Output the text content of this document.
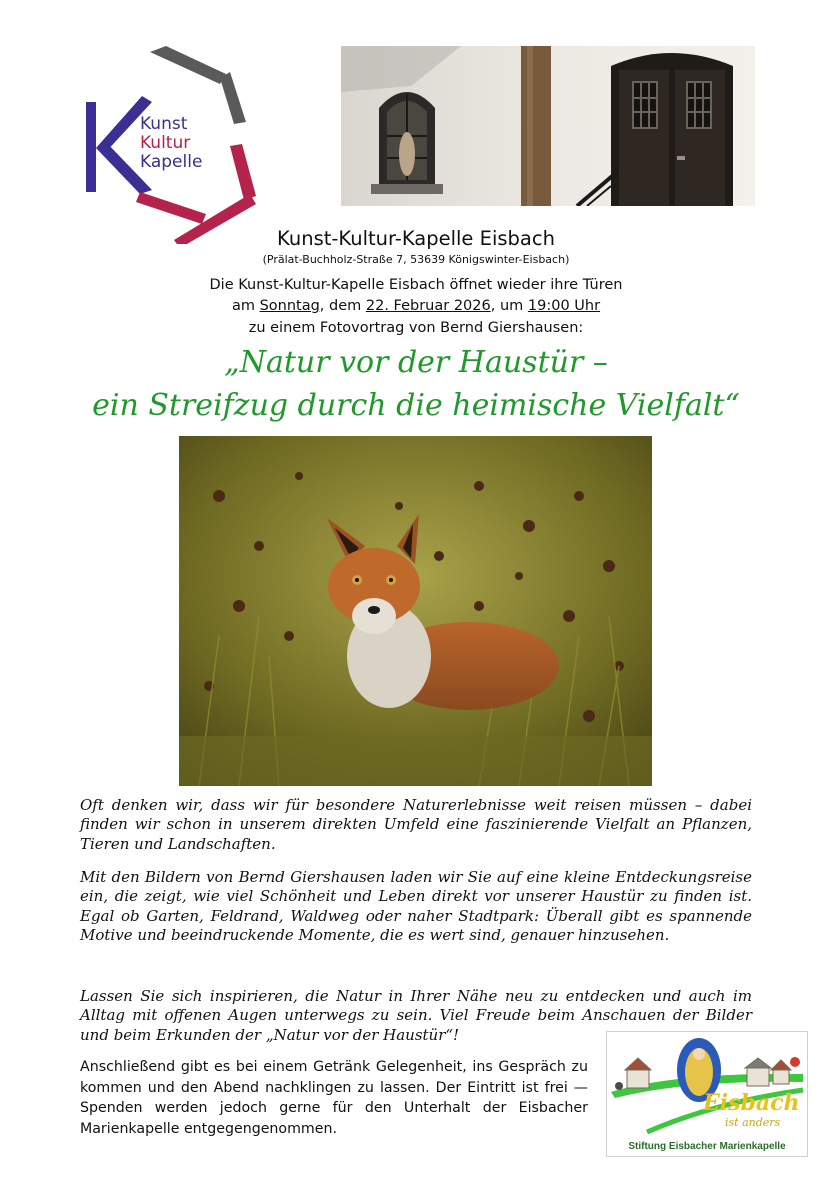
Kunst
Kultur
Kapelle
Kunst-Kultur-Kapelle Eisbach
(Prälat-Buchholz-Straße 7, 53639 Königswinter-Eisbach)
Die Kunst-Kultur-Kapelle Eisbach öffnet wieder ihre Türen
am Sonntag, dem 22. Februar 2026, um 19:00 Uhr
zu einem Fotovortrag von Bernd Giershausen:
„Natur vor der Haustür –
ein Streifzug durch die heimische Vielfalt“
Oft denken wir, dass wir für besondere Naturerlebnisse weit reisen müssen – dabei finden wir schon in unserem direkten Umfeld eine faszinierende Vielfalt an Pflanzen, Tieren und Landschaften.
Mit den Bildern von Bernd Giershausen laden wir Sie auf eine kleine Entdeckungsreise ein, die zeigt, wie viel Schönheit und Leben direkt vor unserer Haustür zu finden ist. Egal ob Garten, Feldrand, Waldweg oder naher Stadtpark: Überall gibt es spannende Motive und beeindruckende Momente, die es wert sind, genauer hinzusehen.
Lassen Sie sich inspirieren, die Natur in Ihrer Nähe neu zu entdecken und auch im Alltag mit offenen Augen unterwegs zu sein. Viel Freude beim Anschauen der Bilder und beim Erkunden der „Natur vor der Haustür“!
Anschließend gibt es bei einem Getränk Gelegenheit, ins Gespräch zu kommen und den Abend nachklingen zu lassen. Der Eintritt ist frei — Spenden werden jedoch gerne für den Unterhalt der Eisbacher Marienkapelle entgegengenommen.
Eisbach
ist anders
Stiftung Eisbacher Marienkapelle
